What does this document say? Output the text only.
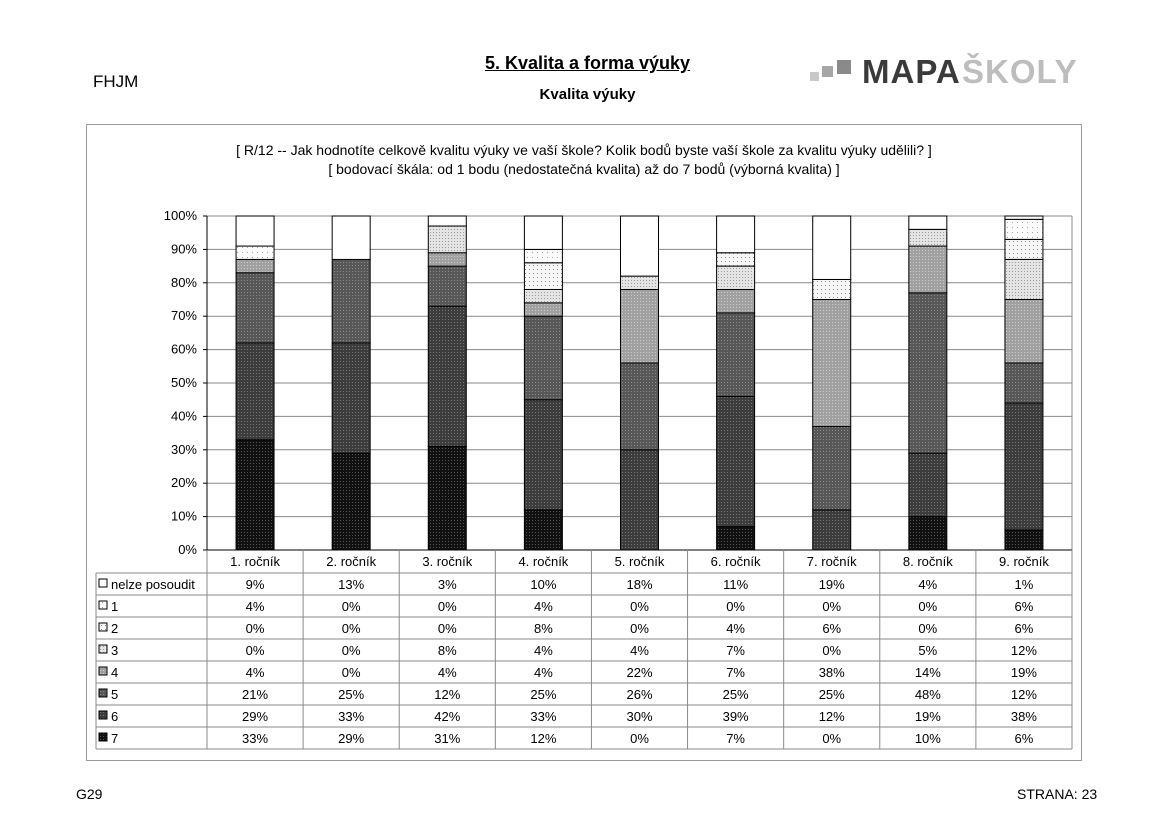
FHJM
5. Kvalita a forma výuky
Kvalita výuky
MAPA ŠKOLY
[ R/12 -- Jak hodnotíte celkově kvalitu výuky ve vaší škole? Kolik bodů byste vaší škole za kvalitu výuky udělili? ]
[ bodovací škála: od 1 bodu (nedostatečná kvalita) až do 7 bodů (výborná kvalita) ]
0%
10%
20%
30%
40%
50%
60%
70%
80%
90%
100%
1. ročník	2. ročník	3. ročník	4. ročník	5. ročník	6. ročník	7. ročník	8. ročník	9. ročník
nelze posoudit	9%	13%	3%	10%	18%	11%	19%	4%	1%
1	4%	0%	0%	4%	0%	0%	0%	0%	6%
2	0%	0%	0%	8%	0%	4%	6%	0%	6%
3	0%	0%	8%	4%	4%	7%	0%	5%	12%
4	4%	0%	4%	4%	22%	7%	38%	14%	19%
5	21%	25%	12%	25%	26%	25%	25%	48%	12%
6	29%	33%	42%	33%	30%	39%	12%	19%	38%
7	33%	29%	31%	12%	0%	7%	0%	10%	6%
G29	STRANA: 23
